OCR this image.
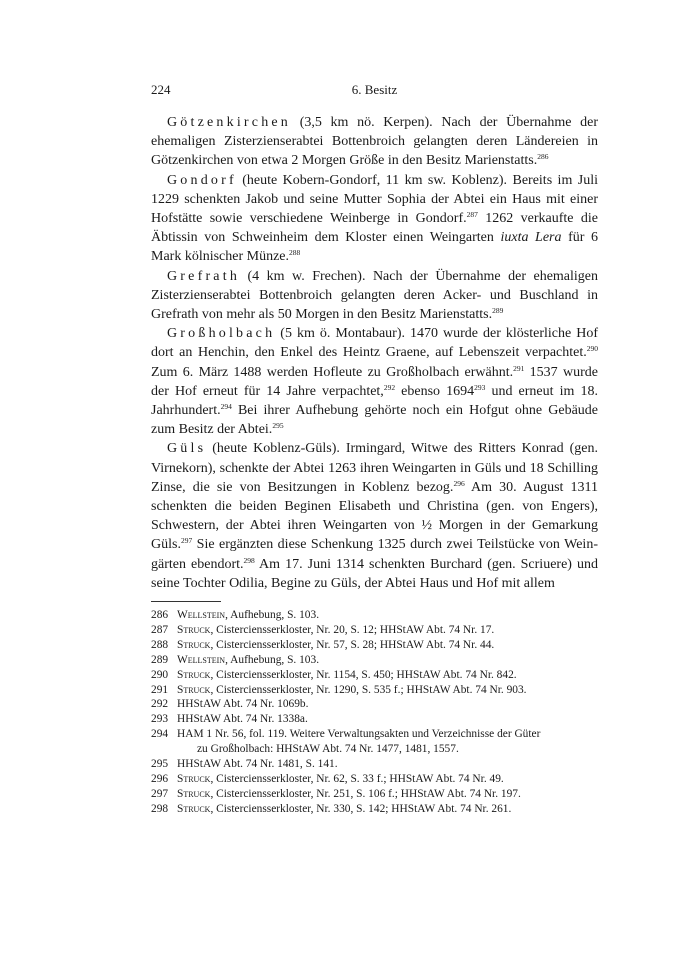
224	6. Besitz

Götzenkirchen (3,5 km nö. Kerpen). Nach der Übernahme der ehemaligen Zisterzienserabtei Bottenbroich gelangten deren Ländereien in Götzenkirchen von etwa 2 Morgen Größe in den Besitz Marienstatts.$^{286}$

Gondorf (heute Kobern-Gondorf, 11 km sw. Koblenz). Bereits im Juli 1229 schenkten Jakob und seine Mutter Sophia der Abtei ein Haus mit einer Hofstätte sowie verschiedene Weinberge in Gondorf.$^{287}$ 1262 verkaufte die Äbtissin von Schweinheim dem Kloster einen Weingarten iuxta Lera für 6 Mark kölnischer Münze.$^{288}$

Grefrath (4 km w. Frechen). Nach der Übernahme der ehemaligen Zisterzienserabtei Bottenbroich gelangten deren Acker- und Buschland in Grefrath von mehr als 50 Morgen in den Besitz Marienstatts.$^{289}$

Großholbach (5 km ö. Montabaur). 1470 wurde der klösterliche Hof dort an Henchin, den Enkel des Heintz Graene, auf Lebenszeit verpachtet.$^{290}$ Zum 6. März 1488 werden Hofleute zu Großholbach erwähnt.$^{291}$ 1537 wurde der Hof erneut für 14 Jahre verpachtet,$^{292}$ ebenso 1694$^{293}$ und erneut im 18. Jahrhundert.$^{294}$ Bei ihrer Aufhebung gehörte noch ein Hofgut ohne Gebäude zum Besitz der Abtei.$^{295}$

Güls (heute Koblenz-Güls). Irmingard, Witwe des Ritters Konrad (gen. Virnekorn), schenkte der Abtei 1263 ihren Weingarten in Güls und 18 Schilling Zinse, die sie von Besitzungen in Koblenz bezog.$^{296}$ Am 30. August 1311 schenkten die beiden Beginen Elisabeth und Christina (gen. von Engers), Schwestern, der Abtei ihren Weingarten von ½ Morgen in der Gemarkung Güls.$^{297}$ Sie ergänzten diese Schenkung 1325 durch zwei Teilstücke von Weingärten ebendort.$^{298}$ Am 17. Juni 1314 schenkten Burchard (gen. Scriuere) und seine Tochter Odilia, Begine zu Güls, der Abtei Haus und Hof mit allem

286 Wellstein, Aufhebung, S. 103.
287 Struck, Cisterciensserkloster, Nr. 20, S. 12; HHStAW Abt. 74 Nr. 17.
288 Struck, Cisterciensserkloster, Nr. 57, S. 28; HHStAW Abt. 74 Nr. 44.
289 Wellstein, Aufhebung, S. 103.
290 Struck, Cisterciensserkloster, Nr. 1154, S. 450; HHStAW Abt. 74 Nr. 842.
291 Struck, Cisterciensserkloster, Nr. 1290, S. 535 f.; HHStAW Abt. 74 Nr. 903.
292 HHStAW Abt. 74 Nr. 1069b.
293 HHStAW Abt. 74 Nr. 1338a.
294 HAM 1 Nr. 56, fol. 119. Weitere Verwaltungsakten und Verzeichnisse der Güter
zu Großholbach: HHStAW Abt. 74 Nr. 1477, 1481, 1557.
295 HHStAW Abt. 74 Nr. 1481, S. 141.
296 Struck, Cisterciensserkloster, Nr. 62, S. 33 f.; HHStAW Abt. 74 Nr. 49.
297 Struck, Cisterciensserkloster, Nr. 251, S. 106 f.; HHStAW Abt. 74 Nr. 197.
298 Struck, Cisterciensserkloster, Nr. 330, S. 142; HHStAW Abt. 74 Nr. 261.
